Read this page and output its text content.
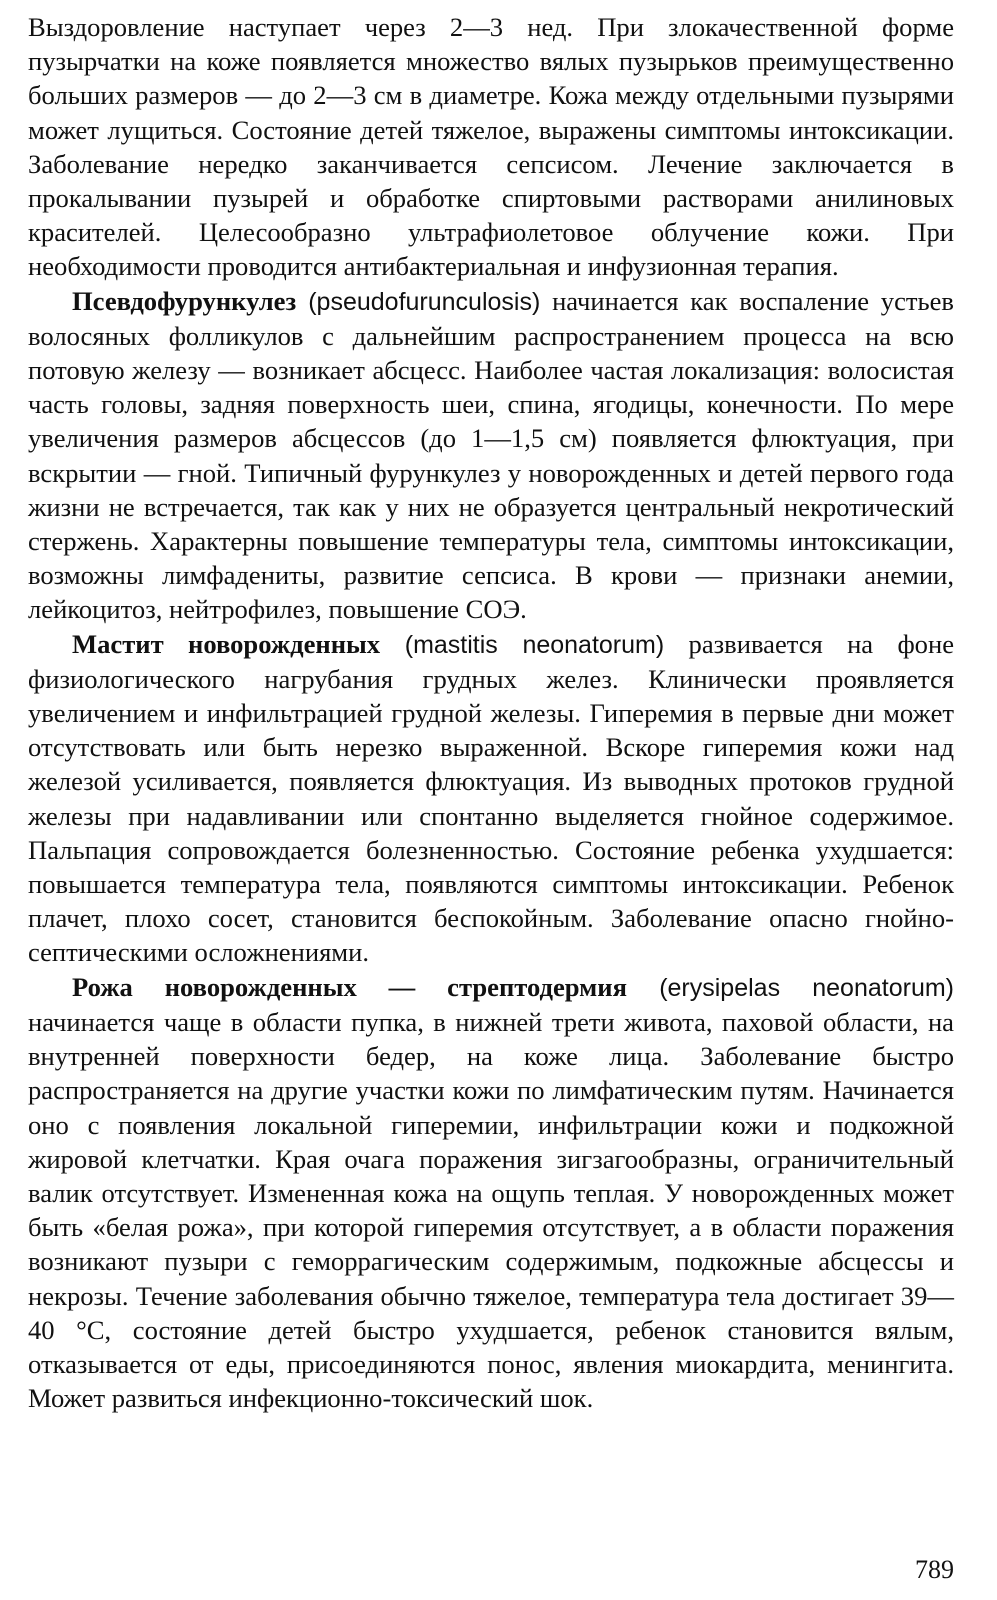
Выздоровление наступает через 2—3 нед. При злокачественной форме пузырчатки на коже появляется множество вялых пузырьков преимущественно больших размеров — до 2—3 см в диаметре. Кожа между отдельными пузырями может лущиться. Состояние детей тяжелое, выражены симптомы интоксикации. Заболевание нередко заканчивается сепсисом. Лечение заключается в прокалывании пузырей и обработке спиртовыми растворами анилиновых красителей. Целесообразно ультрафиолетовое облучение кожи. При необходимости проводится антибактериальная и инфузионная терапия.

Псевдофурункулез (pseudofurunculosis) начинается как воспаление устьев волосяных фолликулов с дальнейшим распространением процесса на всю потовую железу — возникает абсцесс. Наиболее частая локализация: волосистая часть головы, задняя поверхность шеи, спина, ягодицы, конечности. По мере увеличения размеров абсцессов (до 1—1,5 см) появляется флюктуация, при вскрытии — гной. Типичный фурункулез у новорожденных и детей первого года жизни не встречается, так как у них не образуется центральный некротический стержень. Характерны повышение температуры тела, симптомы интоксикации, возможны лимфадениты, развитие сепсиса. В крови — признаки анемии, лейкоцитоз, нейтрофилез, повышение СОЭ.

Мастит новорожденных (mastitis neonatorum) развивается на фоне физиологического нагрубания грудных желез. Клинически проявляется увеличением и инфильтрацией грудной железы. Гиперемия в первые дни может отсутствовать или быть нерезко выраженной. Вскоре гиперемия кожи над железой усиливается, появляется флюктуация. Из выводных протоков грудной железы при надавливании или спонтанно выделяется гнойное содержимое. Пальпация сопровождается болезненностью. Состояние ребенка ухудшается: повышается температура тела, появляются симптомы интоксикации. Ребенок плачет, плохо сосет, становится беспокойным. Заболевание опасно гнойно-септическими осложнениями.

Рожа новорожденных — стрептодермия (erysipelas neonatorum) начинается чаще в области пупка, в нижней трети живота, паховой области, на внутренней поверхности бедер, на коже лица. Заболевание быстро распространяется на другие участки кожи по лимфатическим путям. Начинается оно с появления локальной гиперемии, инфильтрации кожи и подкожной жировой клетчатки. Края очага поражения зигзагообразны, ограничительный валик отсутствует. Измененная кожа на ощупь теплая. У новорожденных может быть «белая рожа», при которой гиперемия отсутствует, а в области поражения возникают пузыри с геморрагическим содержимым, подкожные абсцессы и некрозы. Течение заболевания обычно тяжелое, температура тела достигает 39—40 °С, состояние детей быстро ухудшается, ребенок становится вялым, отказывается от еды, присоединяются понос, явления миокардита, менингита. Может развиться инфекционно-токсический шок.

789
